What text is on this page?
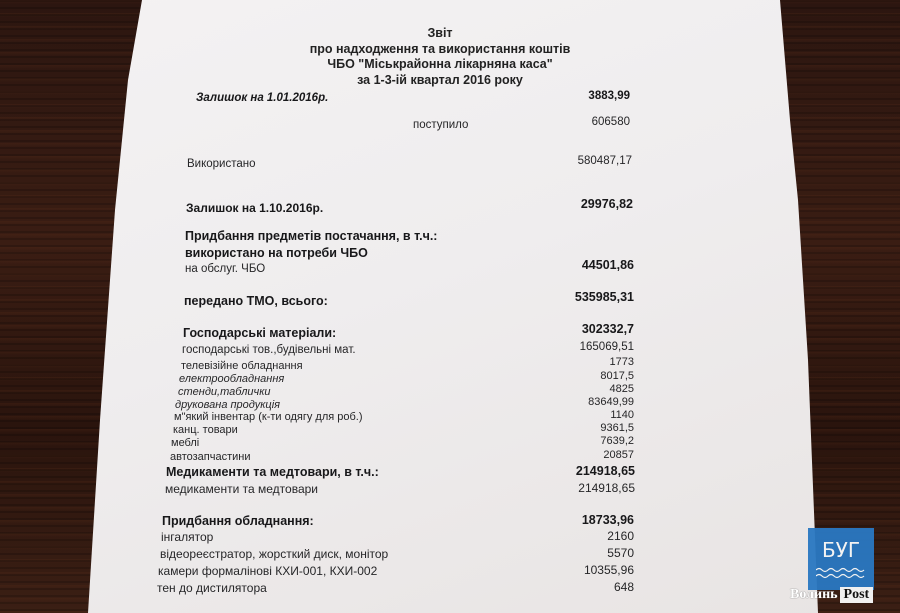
Звіт
про надходження та використання коштів
ЧБО "Міськрайонна лікарняна каса"
за 1-3-ій квартал 2016 року
Залишок на 1.01.2016р.	3883,99
поступило	606580
Використано	580487,17
Залишок на 1.10.2016р.	29976,82
Придбання предметів постачання, в т.ч.:
використано на потреби ЧБО
на обслуг. ЧБО	44501,86
передано ТМО, всього:	535985,31
Господарські матеріали:	302332,7
господарські тов.,будівельні мат.	165069,51
телевізійне обладнання	1773
електрообладнання	8017,5
стенди,таблички	4825
друкована продукція	83649,99
м"який інвентар (к-ти одягу для роб.)	1140
канц. товари	9361,5
меблі	7639,2
автозапчастини	20857
Медикаменти та медтовари, в т.ч.:	214918,65
медикаменти та медтовари	214918,65
Придбання обладнання:	18733,96
інгалятор	2160
відеореєстратор, жорсткий диск, монітор	5570
камери формалінові КХИ-001, КХИ-002	10355,96
тен до дистилятора	648
БУГ
Волинь Post
